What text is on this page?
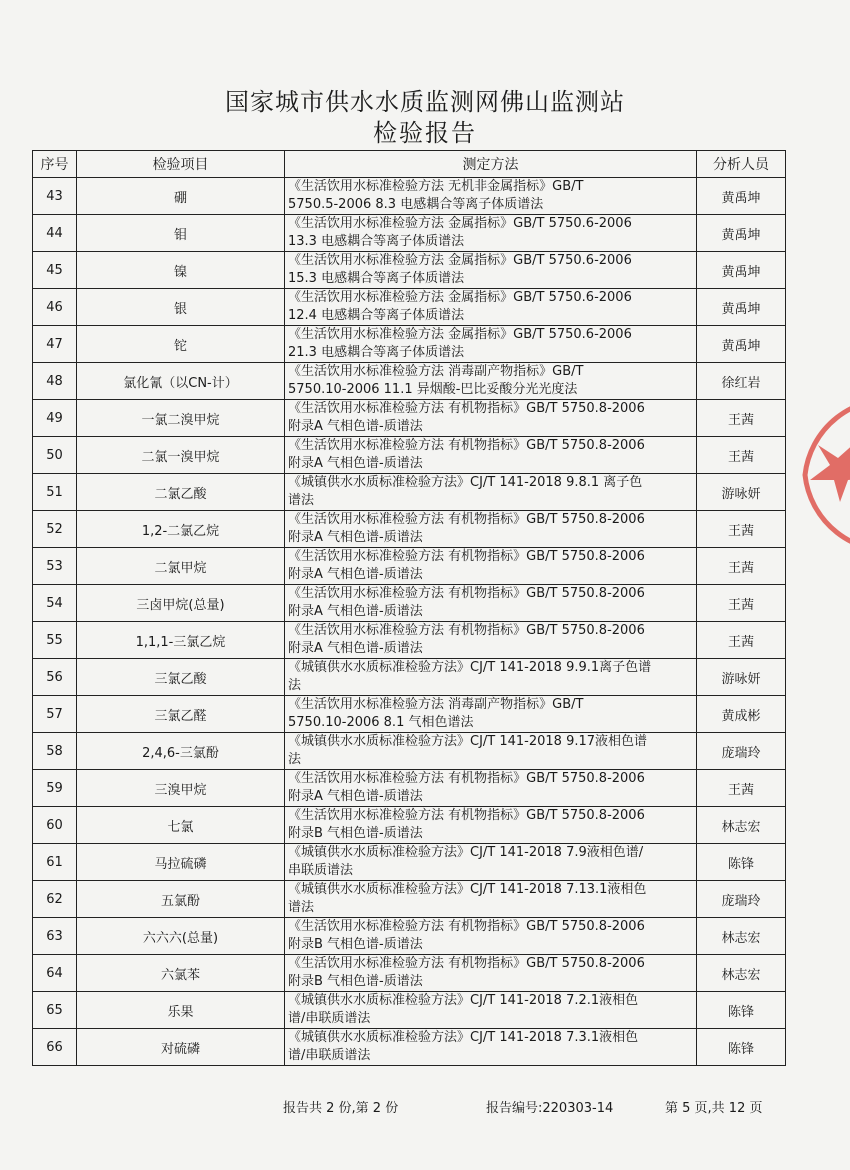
国家城市供水水质监测网佛山监测站
检验报告
序号	检验项目	测定方法	分析人员
43	硼	《生活饮用水标准检验方法 无机非金属指标》GB/T
5750.5-2006 8.3 电感耦合等离子体质谱法	黄禹坤
44	钼	《生活饮用水标准检验方法 金属指标》GB/T 5750.6-2006
13.3 电感耦合等离子体质谱法	黄禹坤
45	镍	《生活饮用水标准检验方法 金属指标》GB/T 5750.6-2006
15.3 电感耦合等离子体质谱法	黄禹坤
46	银	《生活饮用水标准检验方法 金属指标》GB/T 5750.6-2006
12.4 电感耦合等离子体质谱法	黄禹坤
47	铊	《生活饮用水标准检验方法 金属指标》GB/T 5750.6-2006
21.3 电感耦合等离子体质谱法	黄禹坤
48	氯化氰（以CN-计）	《生活饮用水标准检验方法 消毒副产物指标》GB/T
5750.10-2006 11.1 异烟酸-巴比妥酸分光光度法	徐红岩
49	一氯二溴甲烷	《生活饮用水标准检验方法 有机物指标》GB/T 5750.8-2006
附录A 气相色谱-质谱法	王茜
50	二氯一溴甲烷	《生活饮用水标准检验方法 有机物指标》GB/T 5750.8-2006
附录A 气相色谱-质谱法	王茜
51	二氯乙酸	《城镇供水水质标准检验方法》CJ/T 141-2018 9.8.1 离子色
谱法	游咏妍
52	1,2-二氯乙烷	《生活饮用水标准检验方法 有机物指标》GB/T 5750.8-2006
附录A 气相色谱-质谱法	王茜
53	二氯甲烷	《生活饮用水标准检验方法 有机物指标》GB/T 5750.8-2006
附录A 气相色谱-质谱法	王茜
54	三卤甲烷(总量)	《生活饮用水标准检验方法 有机物指标》GB/T 5750.8-2006
附录A 气相色谱-质谱法	王茜
55	1,1,1-三氯乙烷	《生活饮用水标准检验方法 有机物指标》GB/T 5750.8-2006
附录A 气相色谱-质谱法	王茜
56	三氯乙酸	《城镇供水水质标准检验方法》CJ/T 141-2018 9.9.1离子色谱
法	游咏妍
57	三氯乙醛	《生活饮用水标准检验方法 消毒副产物指标》GB/T
5750.10-2006 8.1 气相色谱法	黄成彬
58	2,4,6-三氯酚	《城镇供水水质标准检验方法》CJ/T 141-2018 9.17液相色谱
法	庞瑞玲
59	三溴甲烷	《生活饮用水标准检验方法 有机物指标》GB/T 5750.8-2006
附录A 气相色谱-质谱法	王茜
60	七氯	《生活饮用水标准检验方法 有机物指标》GB/T 5750.8-2006
附录B 气相色谱-质谱法	林志宏
61	马拉硫磷	《城镇供水水质标准检验方法》CJ/T 141-2018 7.9液相色谱/
串联质谱法	陈锋
62	五氯酚	《城镇供水水质标准检验方法》CJ/T 141-2018 7.13.1液相色
谱法	庞瑞玲
63	六六六(总量)	《生活饮用水标准检验方法 有机物指标》GB/T 5750.8-2006
附录B 气相色谱-质谱法	林志宏
64	六氯苯	《生活饮用水标准检验方法 有机物指标》GB/T 5750.8-2006
附录B 气相色谱-质谱法	林志宏
65	乐果	《城镇供水水质标准检验方法》CJ/T 141-2018 7.2.1液相色
谱/串联质谱法	陈锋
66	对硫磷	《城镇供水水质标准检验方法》CJ/T 141-2018 7.3.1液相色
谱/串联质谱法	陈锋
报告共 2 份,第 2 份	报告编号:220303-14	第 5 页,共 12 页
